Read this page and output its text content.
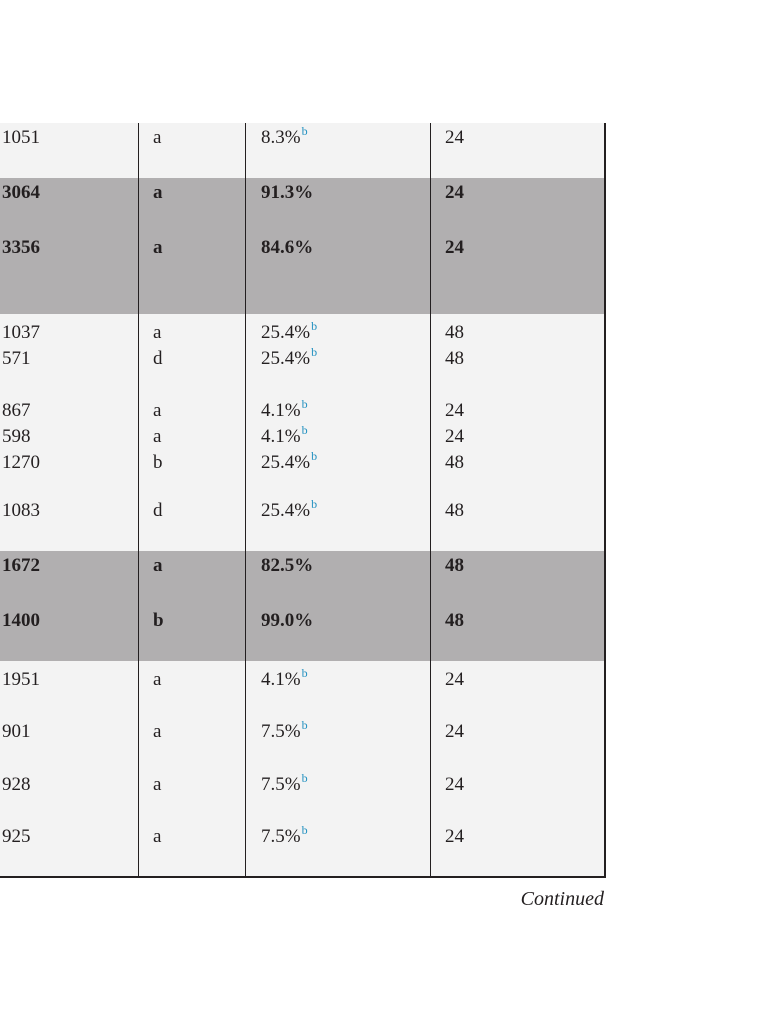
1051	a	8.3%$^b$	24
3064	a	91.3%	24
3356	a	84.6%	24
1037	a	25.4%$^b$	48
571	d	25.4%$^b$	48
867	a	4.1%$^b$	24
598	a	4.1%$^b$	24
1270	b	25.4%$^b$	48
1083	d	25.4%$^b$	48
1672	a	82.5%	48
1400	b	99.0%	48
1951	a	4.1%$^b$	24
901	a	7.5%$^b$	24
928	a	7.5%$^b$	24
925	a	7.5%$^b$	24
Continued
